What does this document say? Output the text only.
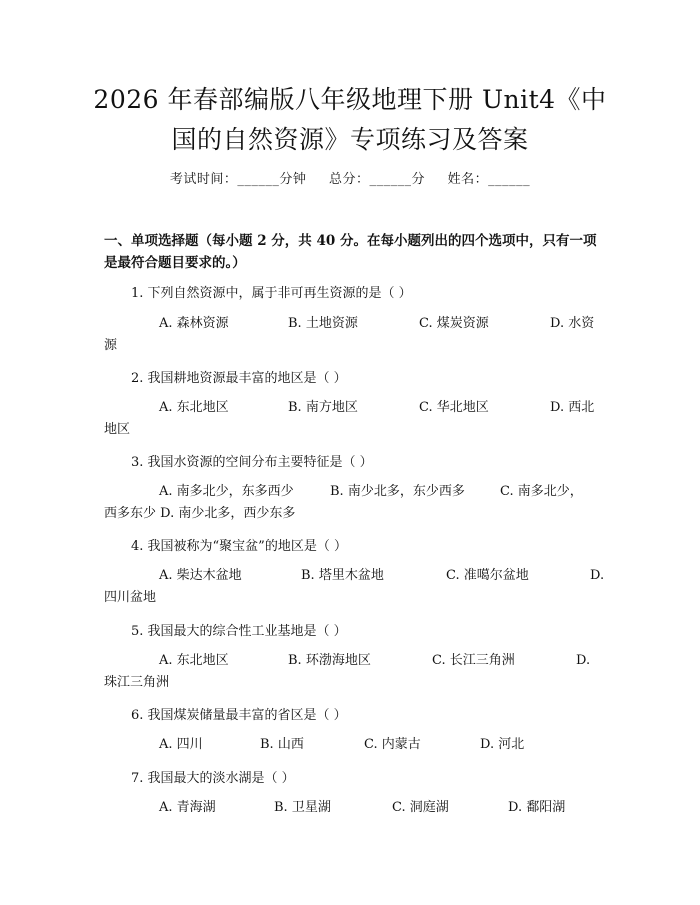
2026 年春部编版八年级地理下册 Unit4《中
国的自然资源》专项练习及答案
考试时间：______分钟 总分：______分 姓名：______
一、单项选择题（每小题 2 分，共 40 分。在每小题列出的四个选项中，只有一项
是最符合题目要求的。）
1. 下列自然资源中，属于非可再生资源的是（ ）
A. 森林资源	B. 土地资源	C. 煤炭资源	D. 水资
源
2. 我国耕地资源最丰富的地区是（ ）
A. 东北地区	B. 南方地区	C. 华北地区	D. 西北
地区
3. 我国水资源的空间分布主要特征是（ ）
A. 南多北少，东多西少	B. 南少北多，东少西多	C. 南多北少，
西多东少 D. 南少北多，西少东多
4. 我国被称为“聚宝盆”的地区是（ ）
A. 柴达木盆地	B. 塔里木盆地	C. 准噶尔盆地	D.
四川盆地
5. 我国最大的综合性工业基地是（ ）
A. 东北地区	B. 环渤海地区	C. 长江三角洲	D.
珠江三角洲
6. 我国煤炭储量最丰富的省区是（ ）
A. 四川	B. 山西	C. 内蒙古	D. 河北
7. 我国最大的淡水湖是（ ）
A. 青海湖	B. 卫星湖	C. 洞庭湖	D. 鄱阳湖
